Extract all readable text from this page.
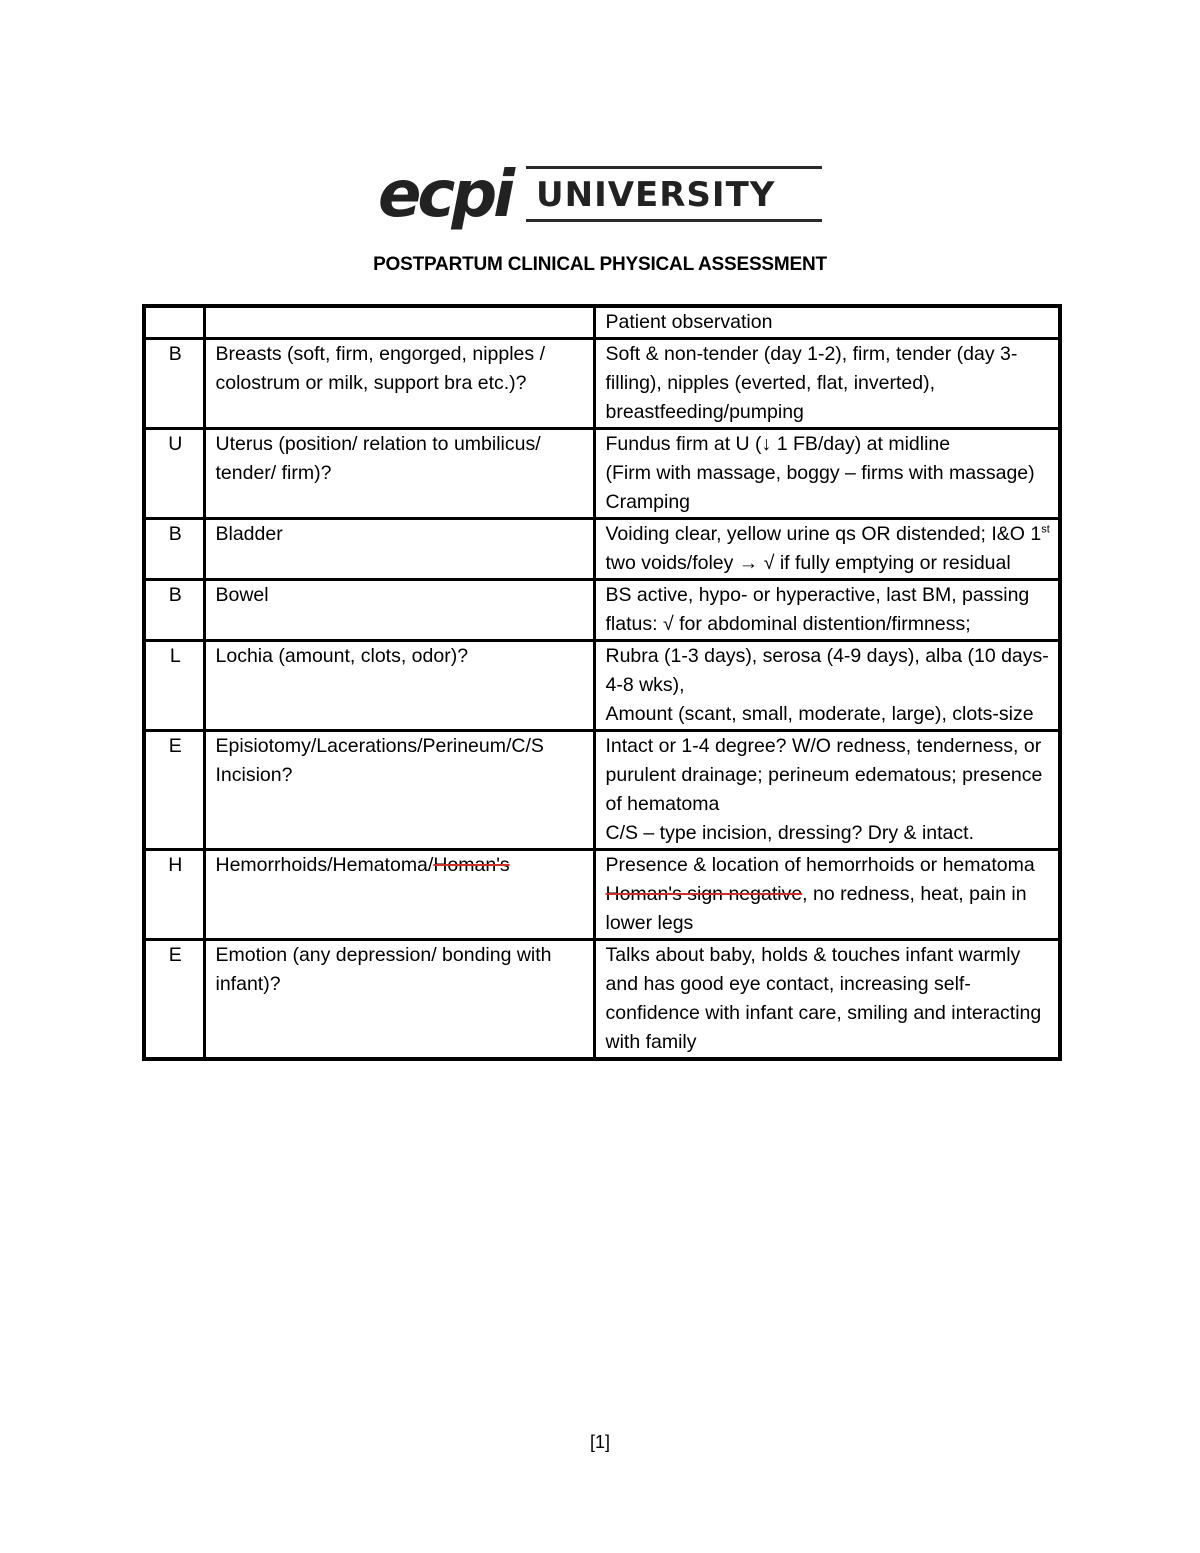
ecpi UNIVERSITY
POSTPARTUM CLINICAL PHYSICAL ASSESSMENT
		Patient observation
B	Breasts (soft, firm, engorged, nipples / colostrum or milk, support bra etc.)?	Soft & non-tender (day 1-2), firm, tender (day 3-filling), nipples (everted, flat, inverted), breastfeeding/pumping
U	Uterus (position/ relation to umbilicus/ tender/ firm)?	Fundus firm at U (↓ 1 FB/day) at midline
(Firm with massage, boggy – firms with massage)
Cramping

B	Bladder	Voiding clear, yellow urine qs OR distended; I&O 1st two voids/foley → √ if fully emptying or residual
B	Bowel	BS active, hypo- or hyperactive, last BM, passing flatus: √ for abdominal distention/firmness;
L	Lochia (amount, clots, odor)?	Rubra (1-3 days), serosa (4-9 days), alba (10 days-4-8 wks),
Amount (scant, small, moderate, large), clots-size

E	Episiotomy/Lacerations/Perineum/C/S Incision?	Intact or 1-4 degree? W/O redness, tenderness, or purulent drainage; perineum edematous; presence of hematoma
C/S – type incision, dressing? Dry & intact.

H	Hemorrhoids/Hematoma/Homan's	Presence & location of hemorrhoids or hematoma
Homan's sign negative, no redness, heat, pain in lower legs

E	Emotion (any depression/ bonding with infant)?	Talks about baby, holds & touches infant warmly and has good eye contact, increasing self-confidence with infant care, smiling and interacting with family
[1]
